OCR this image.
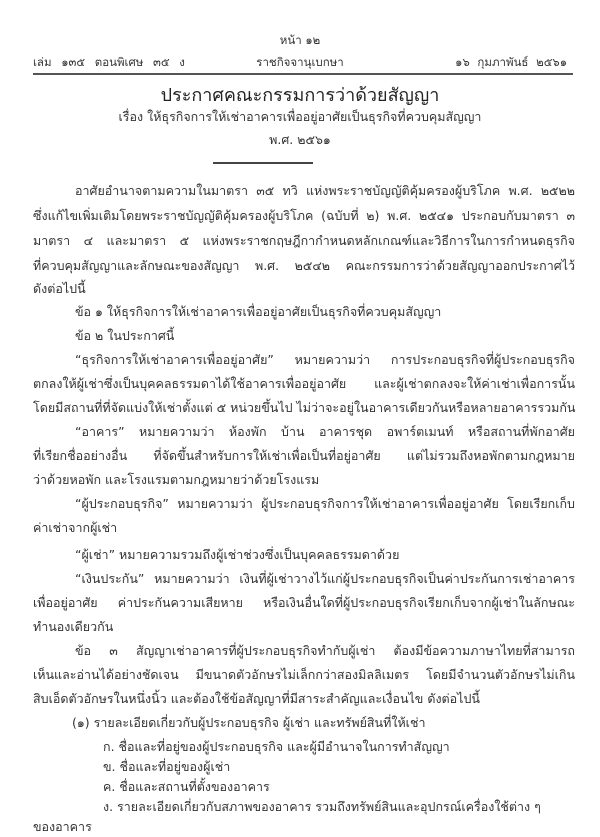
หน้า ๑๒
เล่ม ๑๓๕ ตอนพิเศษ ๓๕ ง	ราชกิจจานุเบกษา	๑๖ กุมภาพันธ์ ๒๕๖๑
ประกาศคณะกรรมการว่าด้วยสัญญา
เรื่อง ให้ธุรกิจการให้เช่าอาคารเพื่ออยู่อาศัยเป็นธุรกิจที่ควบคุมสัญญา
พ.ศ. ๒๕๖๑
อาศัยอำนาจตามความในมาตรา ๓๕ ทวิ แห่งพระราชบัญญัติคุ้มครองผู้บริโภค พ.ศ. ๒๕๒๒
ซึ่งแก้ไขเพิ่มเติมโดยพระราชบัญญัติคุ้มครองผู้บริโภค (ฉบับที่ ๒) พ.ศ. ๒๕๔๑ ประกอบกับมาตรา ๓
มาตรา ๔ และมาตรา ๕ แห่งพระราชกฤษฎีกากำหนดหลักเกณฑ์และวิธีการในการกำหนดธุรกิจ
ที่ควบคุมสัญญาและลักษณะของสัญญา พ.ศ. ๒๕๔๒ คณะกรรมการว่าด้วยสัญญาออกประกาศไว้
ดังต่อไปนี้
ข้อ ๑ ให้ธุรกิจการให้เช่าอาคารเพื่ออยู่อาศัยเป็นธุรกิจที่ควบคุมสัญญา
ข้อ ๒ ในประกาศนี้
“ธุรกิจการให้เช่าอาคารเพื่ออยู่อาศัย” หมายความว่า การประกอบธุรกิจที่ผู้ประกอบธุรกิจ
ตกลงให้ผู้เช่าซึ่งเป็นบุคคลธรรมดาได้ใช้อาคารเพื่ออยู่อาศัย และผู้เช่าตกลงจะให้ค่าเช่าเพื่อการนั้น
โดยมีสถานที่ที่จัดแบ่งให้เช่าตั้งแต่ ๕ หน่วยขึ้นไป ไม่ว่าจะอยู่ในอาคารเดียวกันหรือหลายอาคารรวมกัน
“อาคาร” หมายความว่า ห้องพัก บ้าน อาคารชุด อพาร์ตเมนท์ หรือสถานที่พักอาศัย
ที่เรียกชื่ออย่างอื่น ที่จัดขึ้นสำหรับการให้เช่าเพื่อเป็นที่อยู่อาศัย แต่ไม่รวมถึงหอพักตามกฎหมาย
ว่าด้วยหอพัก และโรงแรมตามกฎหมายว่าด้วยโรงแรม
“ผู้ประกอบธุรกิจ” หมายความว่า ผู้ประกอบธุรกิจการให้เช่าอาคารเพื่ออยู่อาศัย โดยเรียกเก็บ
ค่าเช่าจากผู้เช่า
“ผู้เช่า” หมายความรวมถึงผู้เช่าช่วงซึ่งเป็นบุคคลธรรมดาด้วย
“เงินประกัน” หมายความว่า เงินที่ผู้เช่าวางไว้แก่ผู้ประกอบธุรกิจเป็นค่าประกันการเช่าอาคาร
เพื่ออยู่อาศัย ค่าประกันความเสียหาย หรือเงินอื่นใดที่ผู้ประกอบธุรกิจเรียกเก็บจากผู้เช่าในลักษณะ
ทำนองเดียวกัน
ข้อ ๓ สัญญาเช่าอาคารที่ผู้ประกอบธุรกิจทำกับผู้เช่า ต้องมีข้อความภาษาไทยที่สามารถ
เห็นและอ่านได้อย่างชัดเจน มีขนาดตัวอักษรไม่เล็กกว่าสองมิลลิเมตร โดยมีจำนวนตัวอักษรไม่เกิน
สิบเอ็ดตัวอักษรในหนึ่งนิ้ว และต้องใช้ข้อสัญญาที่มีสาระสำคัญและเงื่อนไข ดังต่อไปนี้
(๑) รายละเอียดเกี่ยวกับผู้ประกอบธุรกิจ ผู้เช่า และทรัพย์สินที่ให้เช่า
ก. ชื่อและที่อยู่ของผู้ประกอบธุรกิจ และผู้มีอำนาจในการทำสัญญา
ข. ชื่อและที่อยู่ของผู้เช่า
ค. ชื่อและสถานที่ตั้งของอาคาร
ง. รายละเอียดเกี่ยวกับสภาพของอาคาร รวมถึงทรัพย์สินและอุปกรณ์เครื่องใช้ต่าง ๆ
ของอาคาร
